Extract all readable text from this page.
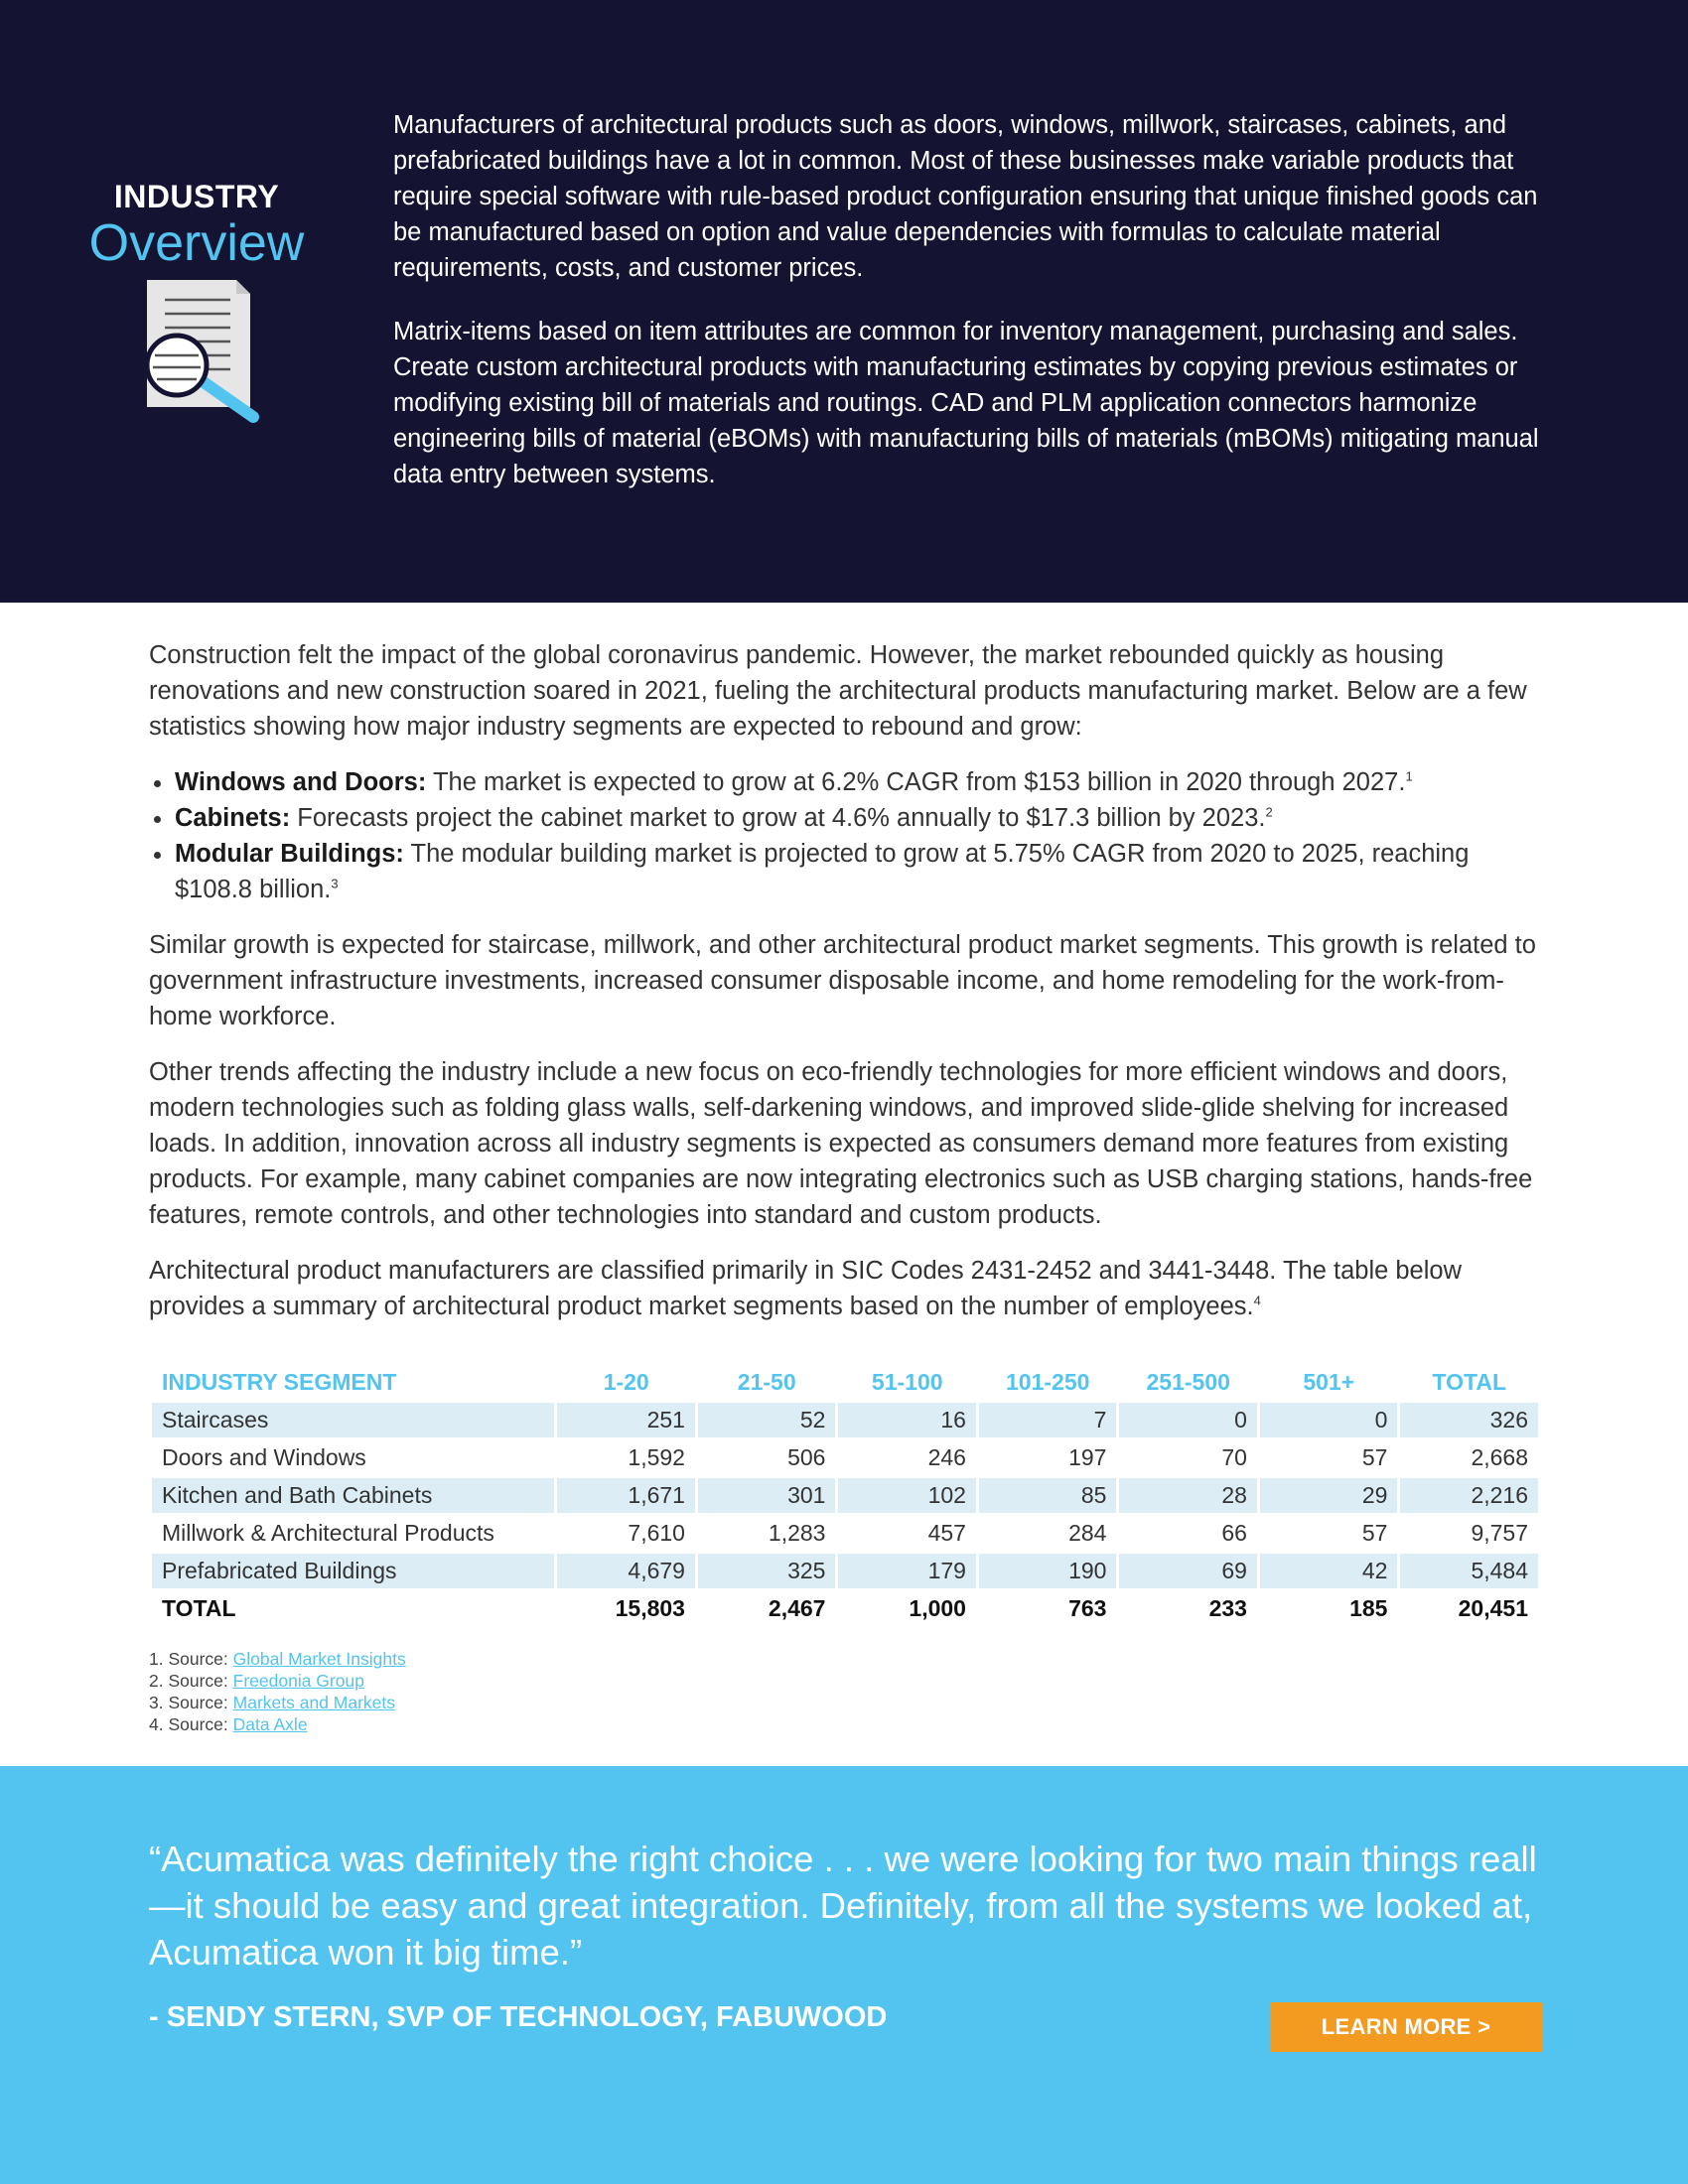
INDUSTRY
Overview

Manufacturers of architectural products such as doors, windows, millwork, staircases, cabinets, and prefabricated buildings have a lot in common. Most of these businesses make variable products that require special software with rule-based product configuration ensuring that unique finished goods can be manufactured based on option and value dependencies with formulas to calculate material requirements, costs, and customer prices.

Matrix-items based on item attributes are common for inventory management, purchasing and sales. Create custom architectural products with manufacturing estimates by copying previous estimates or modifying existing bill of materials and routings. CAD and PLM application connectors harmonize engineering bills of material (eBOMs) with manufacturing bills of materials (mBOMs) mitigating manual data entry between systems.

Construction felt the impact of the global coronavirus pandemic. However, the market rebounded quickly as housing renovations and new construction soared in 2021, fueling the architectural products manufacturing market. Below are a few statistics showing how major industry segments are expected to rebound and grow:

• Windows and Doors: The market is expected to grow at 6.2% CAGR from $153 billion in 2020 through 2027.$^1$
• Cabinets: Forecasts project the cabinet market to grow at 4.6% annually to $17.3 billion by 2023.$^2$
• Modular Buildings: The modular building market is projected to grow at 5.75% CAGR from 2020 to 2025, reaching $108.8 billion.$^3$

Similar growth is expected for staircase, millwork, and other architectural product market segments. This growth is related to government infrastructure investments, increased consumer disposable income, and home remodeling for the work-from-home workforce.

Other trends affecting the industry include a new focus on eco-friendly technologies for more efficient windows and doors, modern technologies such as folding glass walls, self-darkening windows, and improved slide-glide shelving for increased loads. In addition, innovation across all industry segments is expected as consumers demand more features from existing products. For example, many cabinet companies are now integrating electronics such as USB charging stations, hands-free features, remote controls, and other technologies into standard and custom products.

Architectural product manufacturers are classified primarily in SIC Codes 2431-2452 and 3441-3448. The table below provides a summary of architectural product market segments based on the number of employees.$^4$

INDUSTRY SEGMENT	1-20	21-50	51-100	101-250	251-500	501+	TOTAL
Staircases	251	52	16	7	0	0	326

Doors and Windows	1,592	506	246	197	70	57	2,668

Kitchen and Bath Cabinets	1,671	301	102	85	28	29	2,216

Millwork & Architectural Products	7,610	1,283	457	284	66	57	9,757

Prefabricated Buildings	4,679	325	179	190	69	42	5,484
TOTAL	15,803	2,467	1,000	763	233	185	20,451
1. Source: Global Market Insights
2. Source: Freedonia Group
3. Source: Markets and Markets
4. Source: Data Axle
“Acumatica was definitely the right choice . . . we were looking for two main things reall—it should be easy and great integration. Definitely, from all the systems we looked at, Acumatica won it big time.”
- SENDY STERN, SVP OF TECHNOLOGY, FABUWOOD	LEARN MORE >
